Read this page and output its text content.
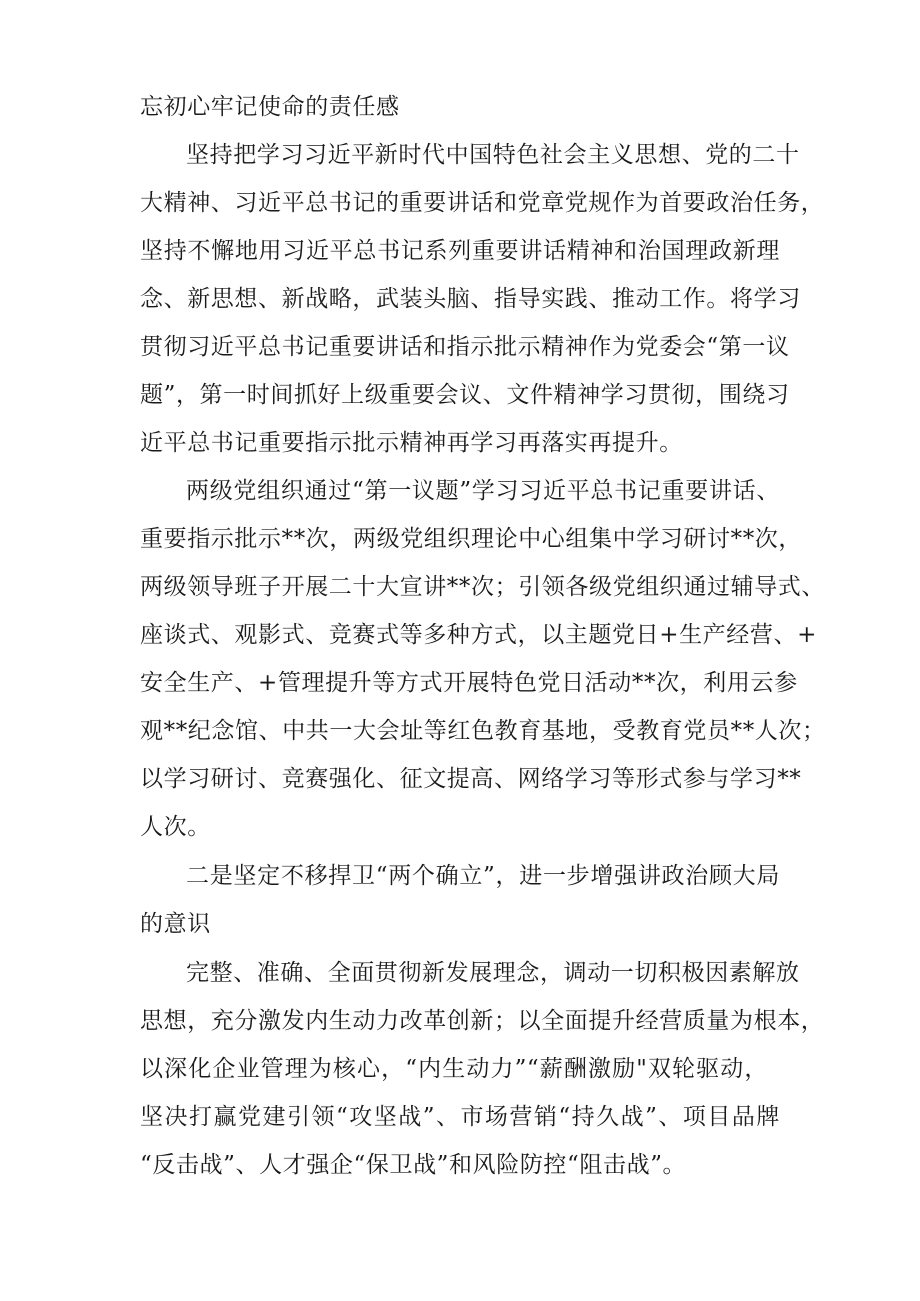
忘初心牢记使命的责任感
坚持把学习习近平新时代中国特色社会主义思想、党的二十
大精神、习近平总书记的重要讲话和党章党规作为首要政治任务，
坚持不懈地用习近平总书记系列重要讲话精神和治国理政新理
念、新思想、新战略，武装头脑、指导实践、推动工作。将学习
贯彻习近平总书记重要讲话和指示批示精神作为党委会“第一议
题”，第一时间抓好上级重要会议、文件精神学习贯彻，围绕习
近平总书记重要指示批示精神再学习再落实再提升。
两级党组织通过“第一议题”学习习近平总书记重要讲话、
重要指示批示**次，两级党组织理论中心组集中学习研讨**次，
两级领导班子开展二十大宣讲**次；引领各级党组织通过辅导式、
座谈式、观影式、竞赛式等多种方式，以主题党日+生产经营、+
安全生产、+管理提升等方式开展特色党日活动**次，利用云参
观**纪念馆、中共一大会址等红色教育基地，受教育党员**人次；
以学习研讨、竞赛强化、征文提高、网络学习等形式参与学习**
人次。
二是坚定不移捍卫“两个确立”，进一步增强讲政治顾大局
的意识
完整、准确、全面贯彻新发展理念，调动一切积极因素解放
思想，充分激发内生动力改革创新；以全面提升经营质量为根本，
以深化企业管理为核心，“内生动力”“薪酬激励"双轮驱动，
坚决打赢党建引领“攻坚战”、市场营销“持久战”、项目品牌
“反击战”、人才强企“保卫战”和风险防控“阻击战”。
